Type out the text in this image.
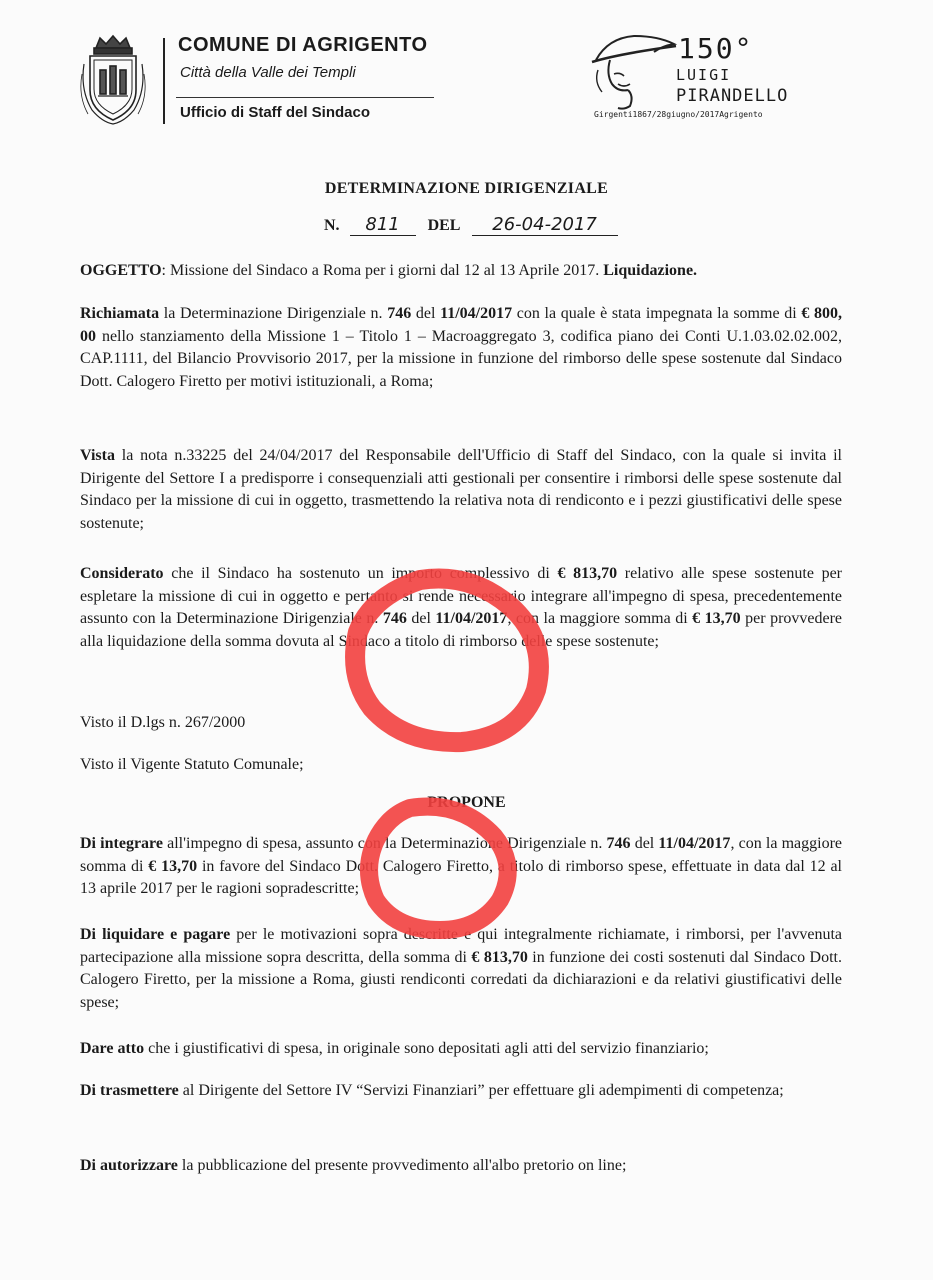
COMUNE DI AGRIGENTO
Città della Valle dei Templi
Ufficio di Staff del Sindaco
150°
LUIGI
PIRANDELLO
Girgenti1867/28giugno/2017Agrigento
DETERMINAZIONE DIRIGENZIALE
N. 811 DEL 26-04-2017
OGGETTO: Missione del Sindaco a Roma per i giorni dal 12 al 13 Aprile 2017. Liquidazione.
Richiamata la Determinazione Dirigenziale n. 746 del 11/04/2017 con la quale è stata impegnata la somme di € 800, 00 nello stanziamento della Missione 1 – Titolo 1 – Macroaggregato 3, codifica piano dei Conti U.1.03.02.02.002, CAP.1111, del Bilancio Provvisorio 2017, per la missione in funzione del rimborso delle spese sostenute dal Sindaco Dott. Calogero Firetto per motivi istituzionali, a Roma;
Vista la nota n.33225 del 24/04/2017 del Responsabile dell'Ufficio di Staff del Sindaco, con la quale si invita il Dirigente del Settore I a predisporre i consequenziali atti gestionali per consentire i rimborsi delle spese sostenute dal Sindaco per la missione di cui in oggetto, trasmettendo la relativa nota di rendiconto e i pezzi giustificativi delle spese sostenute;
Considerato che il Sindaco ha sostenuto un importo complessivo di € 813,70 relativo alle spese sostenute per espletare la missione di cui in oggetto e pertanto si rende necessario integrare all'impegno di spesa, precedentemente assunto con la Determinazione Dirigenziale n. 746 del 11/04/2017, con la maggiore somma di € 13,70 per provvedere alla liquidazione della somma dovuta al Sindaco a titolo di rimborso delle spese sostenute;
Visto il D.lgs n. 267/2000
Visto il Vigente Statuto Comunale;
PROPONE
Di integrare all'impegno di spesa, assunto con la Determinazione Dirigenziale n. 746 del 11/04/2017, con la maggiore somma di € 13,70 in favore del Sindaco Dott. Calogero Firetto, a titolo di rimborso spese, effettuate in data dal 12 al 13 aprile 2017 per le ragioni sopradescritte;
Di liquidare e pagare per le motivazioni sopra descritte e qui integralmente richiamate, i rimborsi, per l'avvenuta partecipazione alla missione sopra descritta, della somma di € 813,70 in funzione dei costi sostenuti dal Sindaco Dott. Calogero Firetto, per la missione a Roma, giusti rendiconti corredati da dichiarazioni e da relativi giustificativi delle spese;
Dare atto che i giustificativi di spesa, in originale sono depositati agli atti del servizio finanziario;
Di trasmettere al Dirigente del Settore IV “Servizi Finanziari” per effettuare gli adempimenti di competenza;
Di autorizzare la pubblicazione del presente provvedimento all'albo pretorio on line;
